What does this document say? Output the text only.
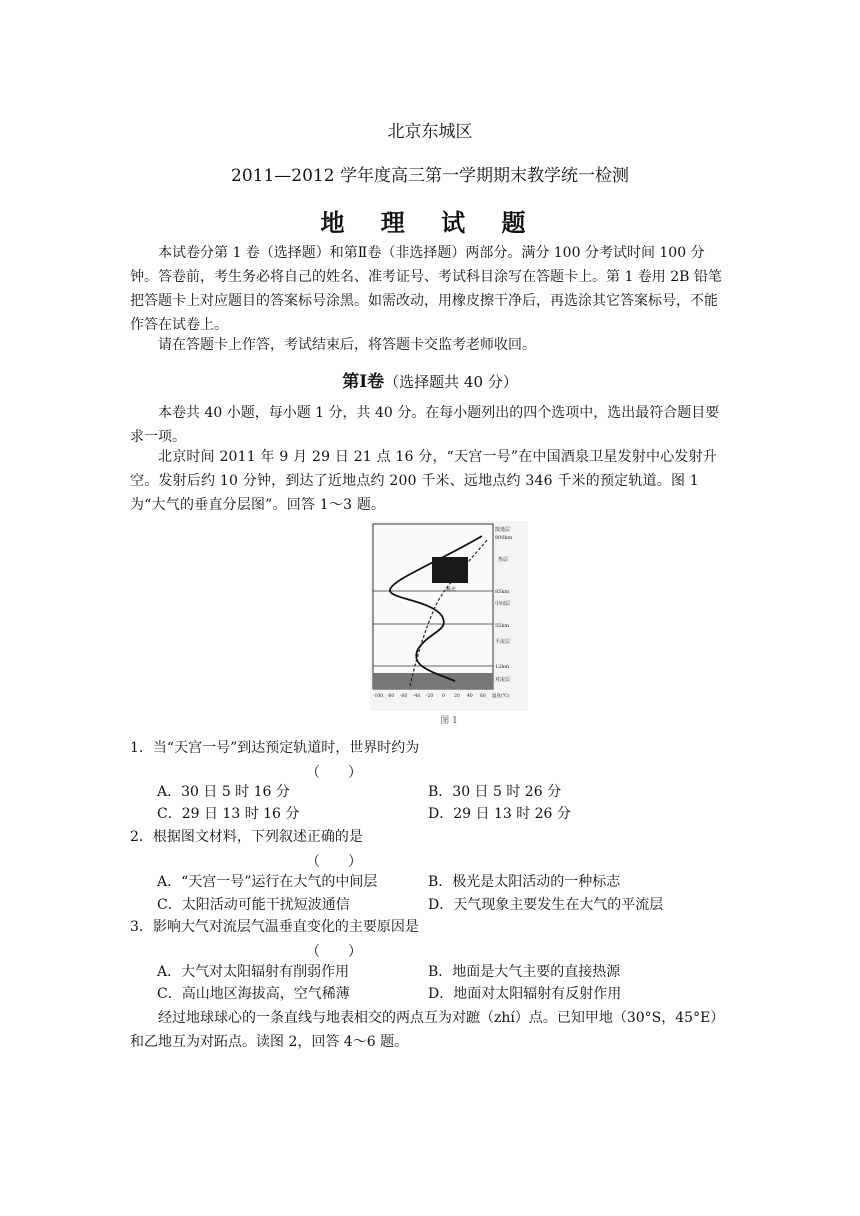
北京东城区
2011—2012 学年度高三第一学期期末教学统一检测
地 理 试 题
本试卷分第 1 卷（选择题）和第Ⅱ卷（非选择题）两部分。满分 100 分考试时间 100 分钟。答卷前，考生务必将自己的姓名、准考证号、考试科目涂写在答题卡上。第 1 卷用 2B 铅笔把答题卡上对应题目的答案标号涂黑。如需改动，用橡皮擦干净后，再选涂其它答案标号，不能作答在试卷上。
请在答题卡上作答，考试结束后，将答题卡交监考老师收回。
第Ⅰ卷（选择题共 40 分）
本卷共 40 小题，每小题 1 分，共 40 分。在每小题列出的四个选项中，选出最符合题目要求一项。
北京时间 2011 年 9 月 29 日 21 点 16 分，“天宫一号”在中国酒泉卫星发射中心发射升空。发射后约 10 分钟，到达了近地点约 200 千米、远地点约 346 千米的预定轨道。图 1 为“大气的垂直分层图”。回答 1～3 题。
极光
散逸层
800km
热层
85km
中间层
55km
平流层
12km
对流层
-100 -80 -60 -40 -20 0 20 40 60 温度(℃)
图 1
1．当“天宫一号”到达预定轨道时，世界时约为
（　　）
A．30 日 5 时 16 分	B．30 日 5 时 26 分
C．29 日 13 时 16 分	D．29 日 13 时 26 分
2．根据图文材料，下列叙述正确的是
（　　）
A．“天宫一号”运行在大气的中间层	B．极光是太阳活动的一种标志
C．太阳活动可能干扰短波通信	D．天气现象主要发生在大气的平流层
3．影响大气对流层气温垂直变化的主要原因是
（　　）
A．大气对太阳辐射有削弱作用	B．地面是大气主要的直接热源
C．高山地区海拔高，空气稀薄	D．地面对太阳辐射有反射作用
经过地球球心的一条直线与地表相交的两点互为对蹠（zhí）点。已知甲地（30°S，45°E）和乙地互为对跖点。读图 2，回答 4～6 题。
